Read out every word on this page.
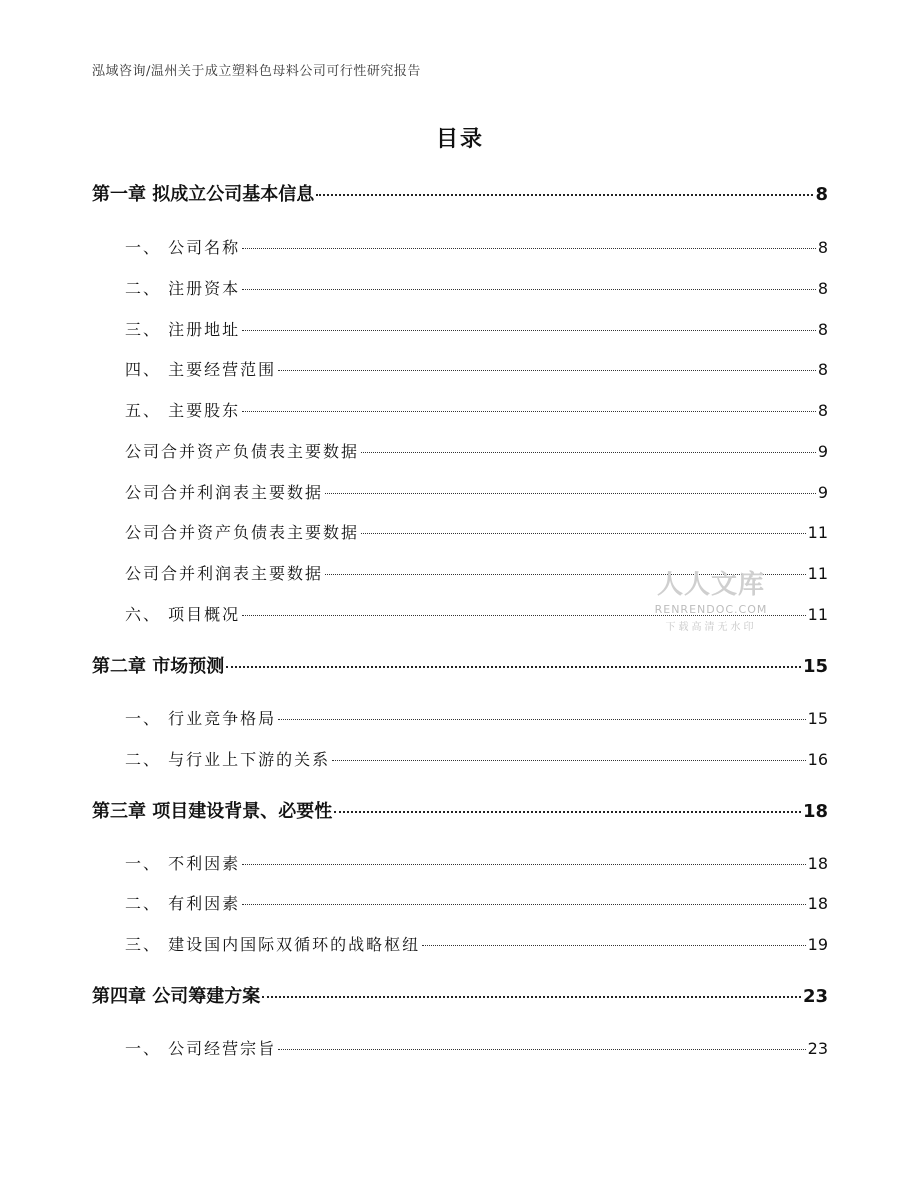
泓域咨询/温州关于成立塑料色母料公司可行性研究报告
目录
第一章 拟成立公司基本信息	8
一、 公司名称	8
二、 注册资本	8
三、 注册地址	8
四、 主要经营范围	8
五、 主要股东	8
公司合并资产负债表主要数据	9
公司合并利润表主要数据	9
公司合并资产负债表主要数据	11
公司合并利润表主要数据	11
六、 项目概况	11
第二章 市场预测	15
一、 行业竞争格局	15
二、 与行业上下游的关系	16
第三章 项目建设背景、必要性	18
一、 不利因素	18
二、 有利因素	18
三、 建设国内国际双循环的战略枢纽	19
第四章 公司筹建方案	23
一、 公司经营宗旨	23
人人文库
RENRENDOC.COM
下载高清无水印
